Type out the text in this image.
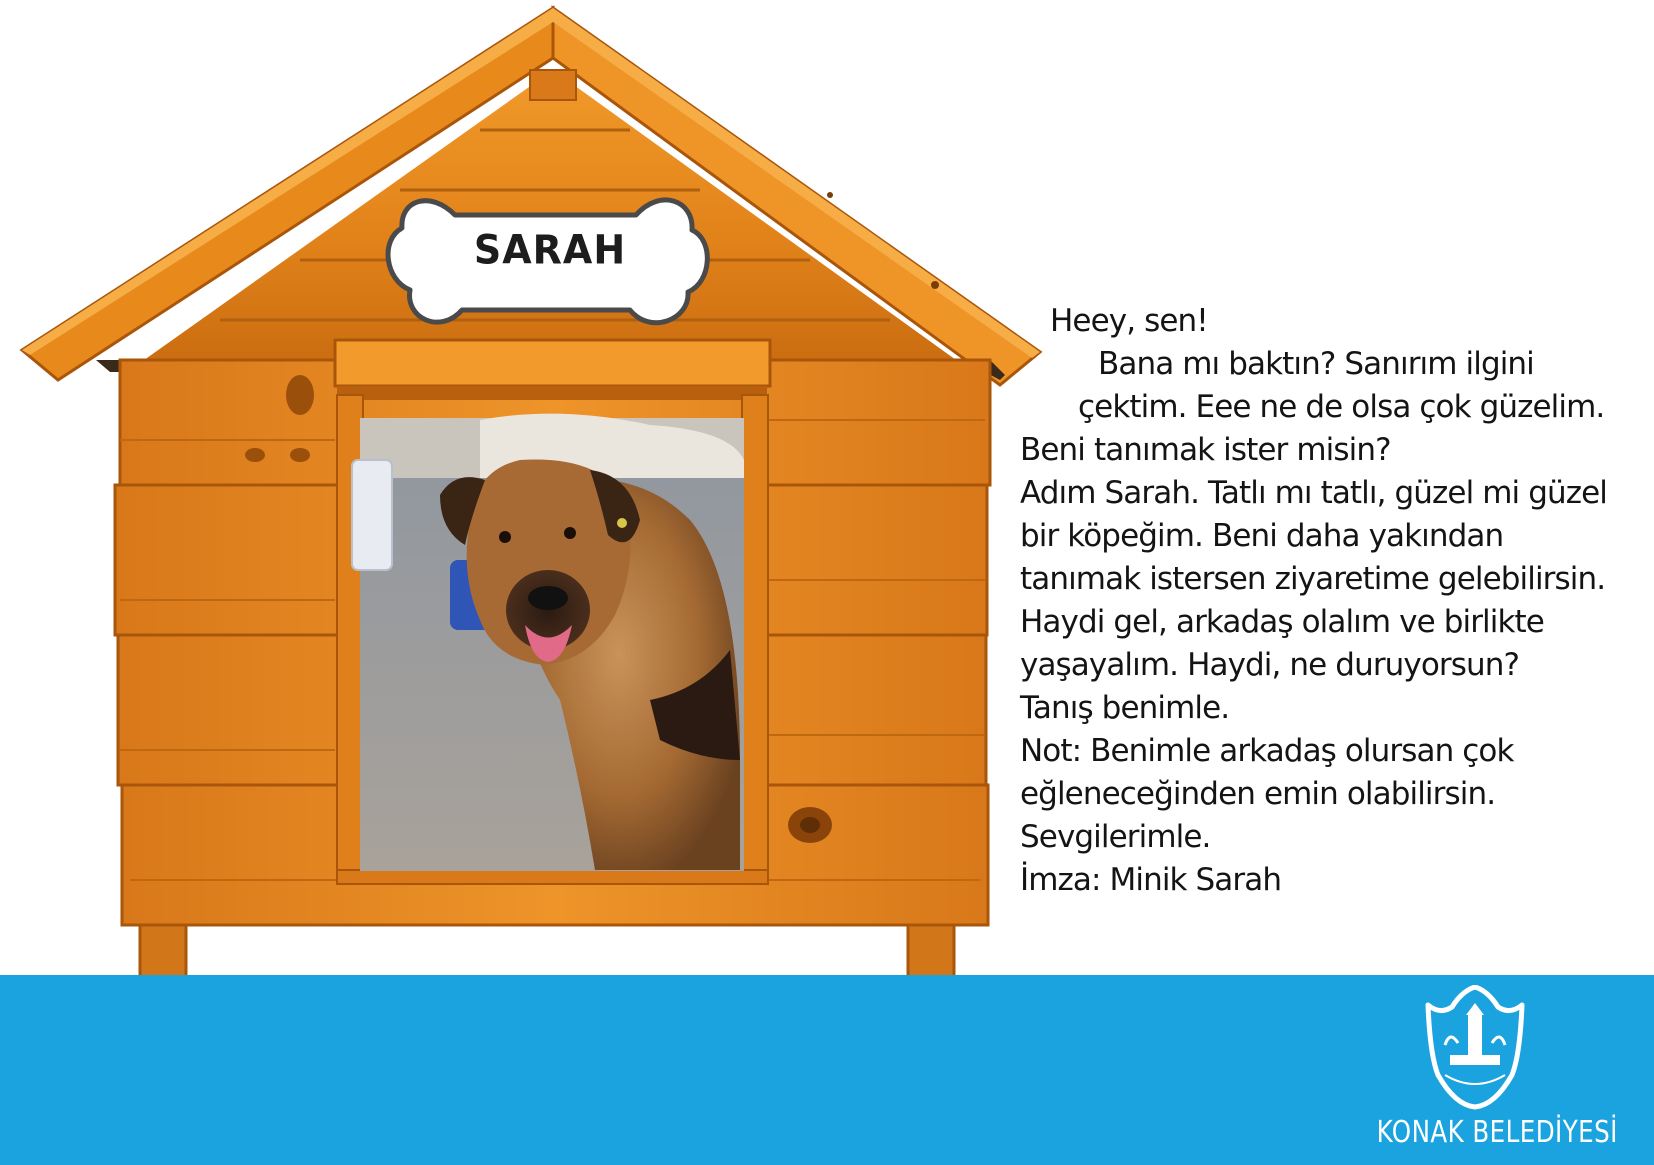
SARAH
Heey, sen!
Bana mı baktın? Sanırım ilgini
çektim. Eee ne de olsa çok güzelim.
Beni tanımak ister misin?
Adım Sarah. Tatlı mı tatlı, güzel mi güzel
bir köpeğim. Beni daha yakından
tanımak istersen ziyaretime gelebilirsin.
Haydi gel, arkadaş olalım ve birlikte
yaşayalım. Haydi, ne duruyorsun?
Tanış benimle.
Not: Benimle arkadaş olursan çok
eğleneceğinden emin olabilirsin.
Sevgilerimle.
İmza: Minik Sarah
KONAK BELEDİYESİ
